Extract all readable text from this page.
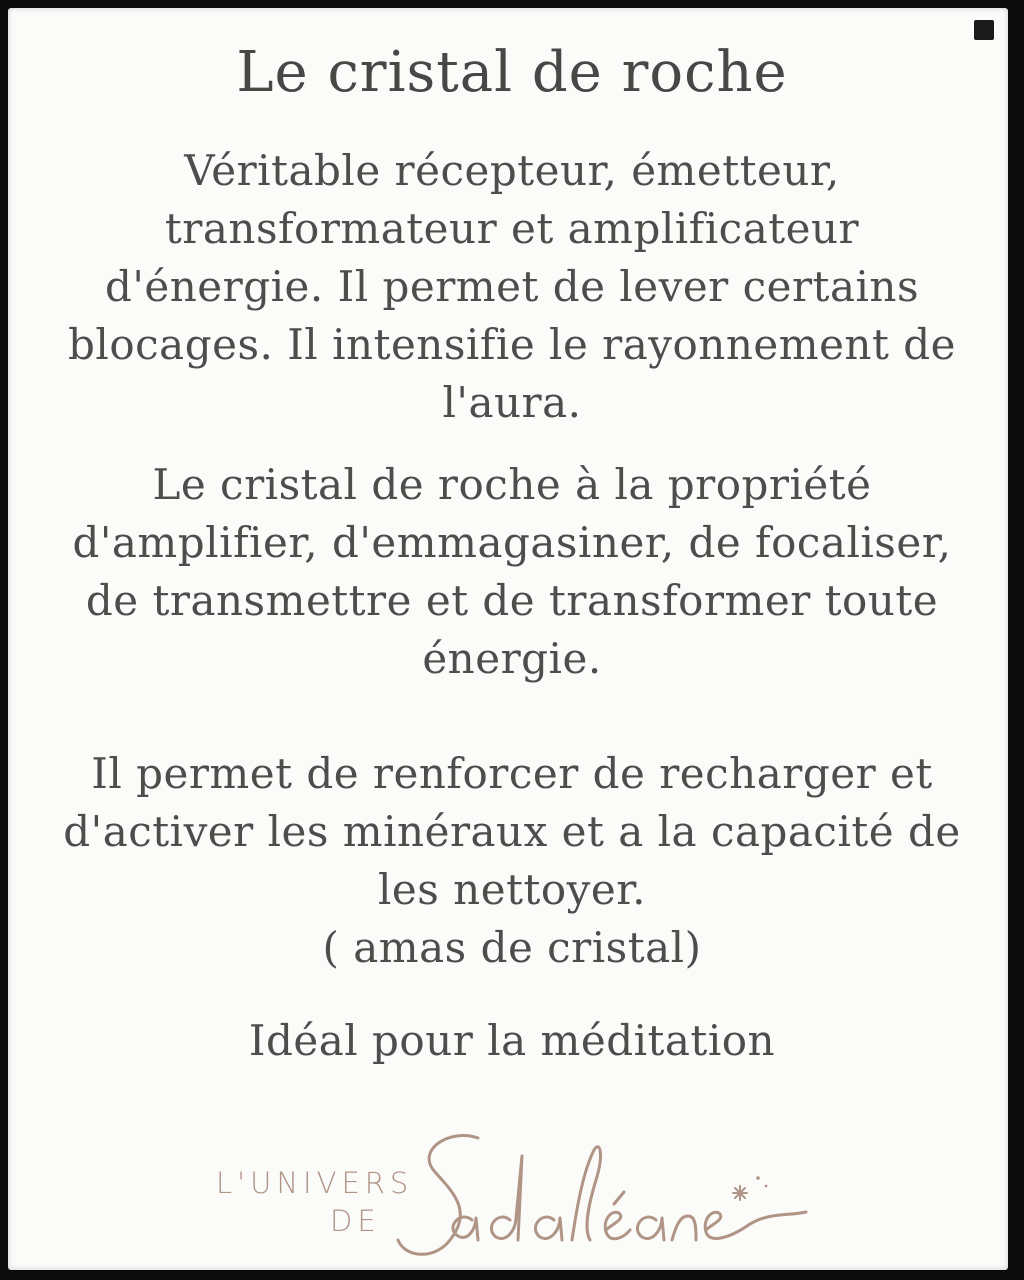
Le cristal de roche
Véritable récepteur, émetteur,
transformateur et amplificateur
d'énergie. Il permet de lever certains
blocages. Il intensifie le rayonnement de
l'aura.
Le cristal de roche à la propriété
d'amplifier, d'emmagasiner, de focaliser,
de transmettre et de transformer toute
énergie.
Il permet de renforcer de recharger et
d'activer les minéraux et a la capacité de
les nettoyer.
( amas de cristal)
Idéal pour la méditation
L'UNIVERS
DE
